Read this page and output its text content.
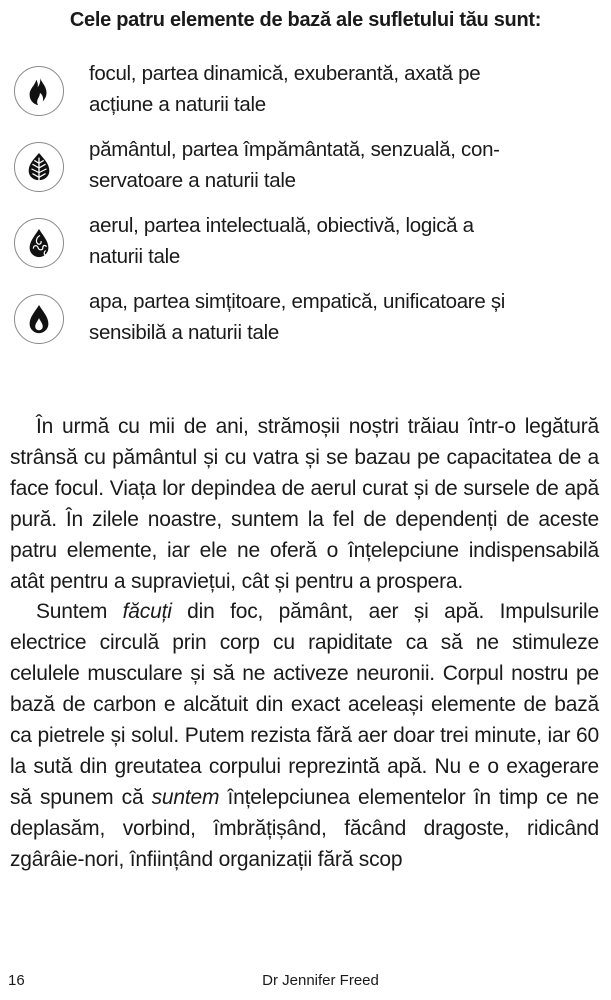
Cele patru elemente de bază ale sufletului tău sunt:
focul, partea dinamică, exuberantă, axată pe
acțiune a naturii tale
pământul, partea împământată, senzuală, con-
servatoare a naturii tale
aerul, partea intelectuală, obiectivă, logică a
naturii tale
apa, partea simțitoare, empatică, unificatoare și
sensibilă a naturii tale

În urmă cu mii de ani, strămoșii noștri trăiau într-o legătură strânsă cu pământul și cu vatra și se bazau pe capacitatea de a face focul. Viața lor depindea de aerul curat și de sursele de apă pură. În zilele noastre, suntem la fel de dependenți de aceste patru elemente, iar ele ne oferă o înțelepciune indispensabilă atât pentru a supraviețui, cât și pentru a prospera.

Suntem făcuți din foc, pământ, aer și apă. Impulsurile electrice circulă prin corp cu rapiditate ca să ne stimuleze celulele musculare și să ne activeze neuronii. Corpul nostru pe bază de carbon e alcătuit din exact aceleași elemente de bază ca pietrele și solul. Putem rezista fără aer doar trei minute, iar 60 la sută din greutatea corpului reprezintă apă. Nu e o exagerare să spunem că suntem înțelepciunea elementelor în timp ce ne deplasăm, vorbind, îmbrățișând, făcând dragoste, ridicând zgârâie-nori, înființând organizații fără scop

16	Dr Jennifer Freed
